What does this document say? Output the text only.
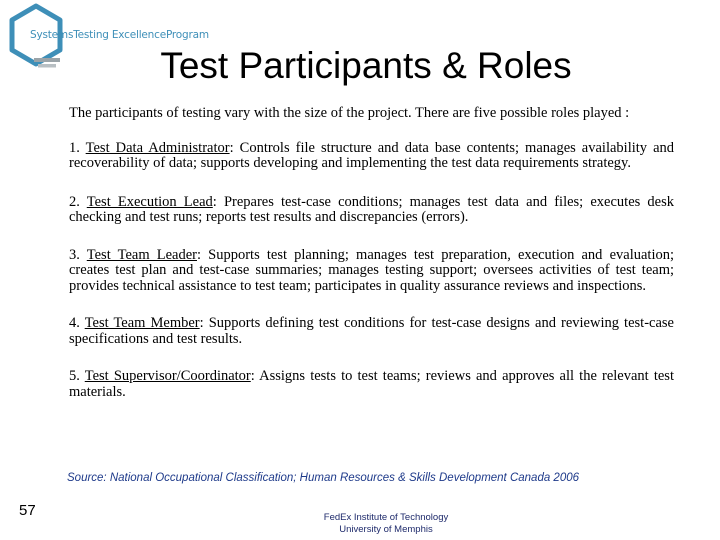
SystemsTesting ExcellenceProgram
Test Participants & Roles

The participants of testing vary with the size of the project. There are five possible roles played :

1. Test Data Administrator: Controls file structure and data base contents; manages availability and recoverability of data; supports developing and implementing the test data requirements strategy.

2. Test Execution Lead: Prepares test-case conditions; manages test data and files; executes desk checking and test runs; reports test results and discrepancies (errors).

3. Test Team Leader: Supports test planning; manages test preparation, execution and evaluation; creates test plan and test-case summaries; manages testing support; oversees activities of test team; provides technical assistance to test team; participates in quality assurance reviews and inspections.

4. Test Team Member: Supports defining test conditions for test-case designs and reviewing test-case specifications and test results.

5. Test Supervisor/Coordinator: Assigns tests to test teams; reviews and approves all the relevant test materials.

Source: National Occupational Classification; Human Resources & Skills Development Canada 2006
57	FedEx Institute of Technology
University of Memphis
